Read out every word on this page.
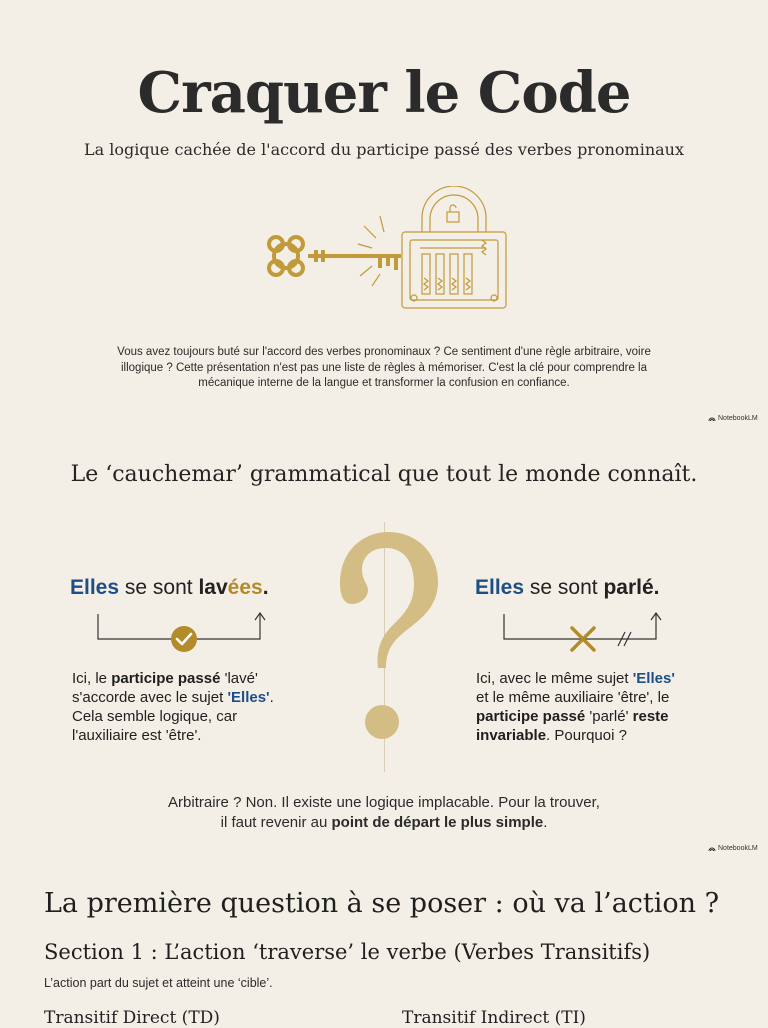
Craquer le Code
La logique cachée de l'accord du participe passé des verbes pronominaux
Vous avez toujours buté sur l'accord des verbes pronominaux ? Ce sentiment d'une règle arbitraire, voire
illogique ? Cette présentation n'est pas une liste de règles à mémoriser. C'est la clé pour comprendre la
mécanique interne de la langue et transformer la confusion en confiance.
NotebookLM
Le ‘cauchemar’ grammatical que tout le monde connaît.
Elles se sont lavées.
Ici, le participe passé 'lavé'
s'accorde avec le sujet 'Elles'.
Cela semble logique, car
l'auxiliaire est 'être'.
Elles se sont parlé.
Ici, avec le même sujet 'Elles'
et le même auxiliaire 'être', le
participe passé 'parlé' reste
invariable. Pourquoi ?
Arbitraire ? Non. Il existe une logique implacable. Pour la trouver,
il faut revenir au point de départ le plus simple.
NotebookLM
La première question à se poser : où va l’action ?
Section 1 : L’action ‘traverse’ le verbe (Verbes Transitifs)
L’action part du sujet et atteint une ‘cible’.
Transitif Direct (TD)	Transitif Indirect (TI)
